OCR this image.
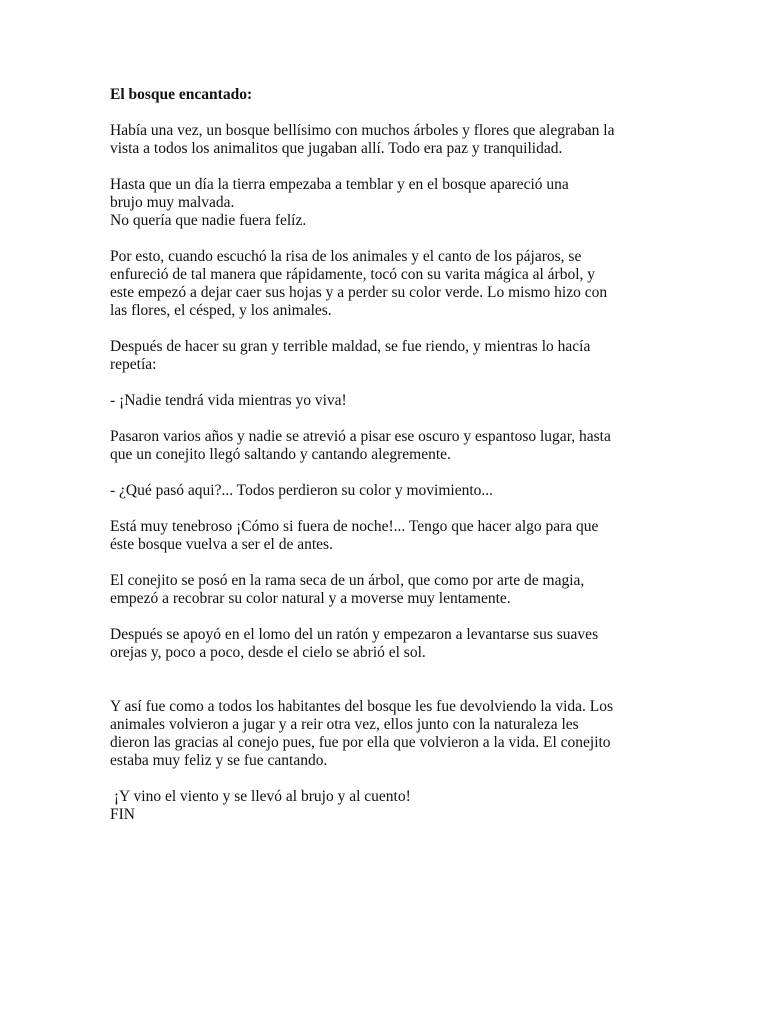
El bosque encantado:

Había una vez, un bosque bellísimo con muchos árboles y flores que alegraban la
vista a todos los animalitos que jugaban allí. Todo era paz y tranquilidad.

Hasta que un día la tierra empezaba a temblar y en el bosque apareció una
brujo muy malvada.
No quería que nadie fuera felíz.

Por esto, cuando escuchó la risa de los animales y el canto de los pájaros, se
enfureció de tal manera que rápidamente, tocó con su varita mágica al árbol, y
este empezó a dejar caer sus hojas y a perder su color verde. Lo mismo hizo con
las flores, el césped, y los animales.

Después de hacer su gran y terrible maldad, se fue riendo, y mientras lo hacía
repetía:

- ¡Nadie tendrá vida mientras yo viva!

Pasaron varios años y nadie se atrevió a pisar ese oscuro y espantoso lugar, hasta
que un conejito llegó saltando y cantando alegremente.

- ¿Qué pasó aqui?... Todos perdieron su color y movimiento...

Está muy tenebroso ¡Cómo si fuera de noche!... Tengo que hacer algo para que
éste bosque vuelva a ser el de antes.

El conejito se posó en la rama seca de un árbol, que como por arte de magia,
empezó a recobrar su color natural y a moverse muy lentamente.

Después se apoyó en el lomo del un ratón y empezaron a levantarse sus suaves
orejas y, poco a poco, desde el cielo se abrió el sol.

Y así fue como a todos los habitantes del bosque les fue devolviendo la vida. Los
animales volvieron a jugar y a reir otra vez, ellos junto con la naturaleza les
dieron las gracias al conejo pues, fue por ella que volvieron a la vida. El conejito
estaba muy feliz y se fue cantando.

¡Y vino el viento y se llevó al brujo y al cuento!
FIN
